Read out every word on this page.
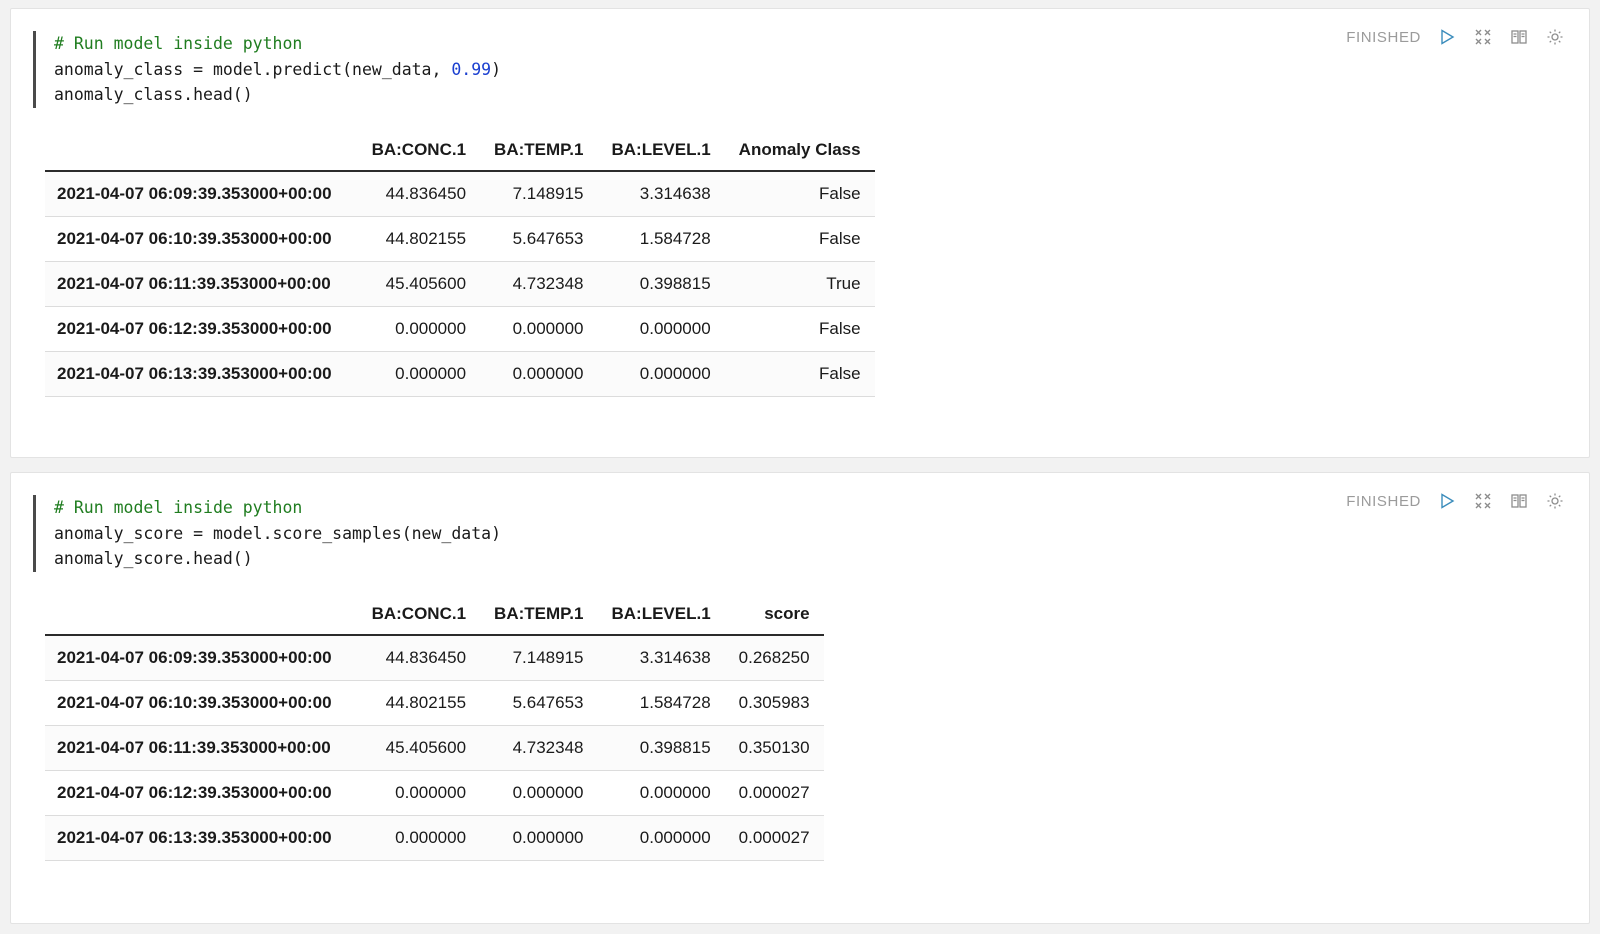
FINISHED
# Run model inside python
anomaly_class = model.predict(new_data, 0.99)
anomaly_class.head()
	BA:CONC.1	BA:TEMP.1	BA:LEVEL.1	Anomaly Class
2021-04-07 06:09:39.353000+00:00	44.836450	7.148915	3.314638	False
2021-04-07 06:10:39.353000+00:00	44.802155	5.647653	1.584728	False
2021-04-07 06:11:39.353000+00:00	45.405600	4.732348	0.398815	True
2021-04-07 06:12:39.353000+00:00	0.000000	0.000000	0.000000	False
2021-04-07 06:13:39.353000+00:00	0.000000	0.000000	0.000000	False
FINISHED
# Run model inside python
anomaly_score = model.score_samples(new_data)
anomaly_score.head()
	BA:CONC.1	BA:TEMP.1	BA:LEVEL.1	score
2021-04-07 06:09:39.353000+00:00	44.836450	7.148915	3.314638	0.268250
2021-04-07 06:10:39.353000+00:00	44.802155	5.647653	1.584728	0.305983
2021-04-07 06:11:39.353000+00:00	45.405600	4.732348	0.398815	0.350130
2021-04-07 06:12:39.353000+00:00	0.000000	0.000000	0.000000	0.000027
2021-04-07 06:13:39.353000+00:00	0.000000	0.000000	0.000000	0.000027
